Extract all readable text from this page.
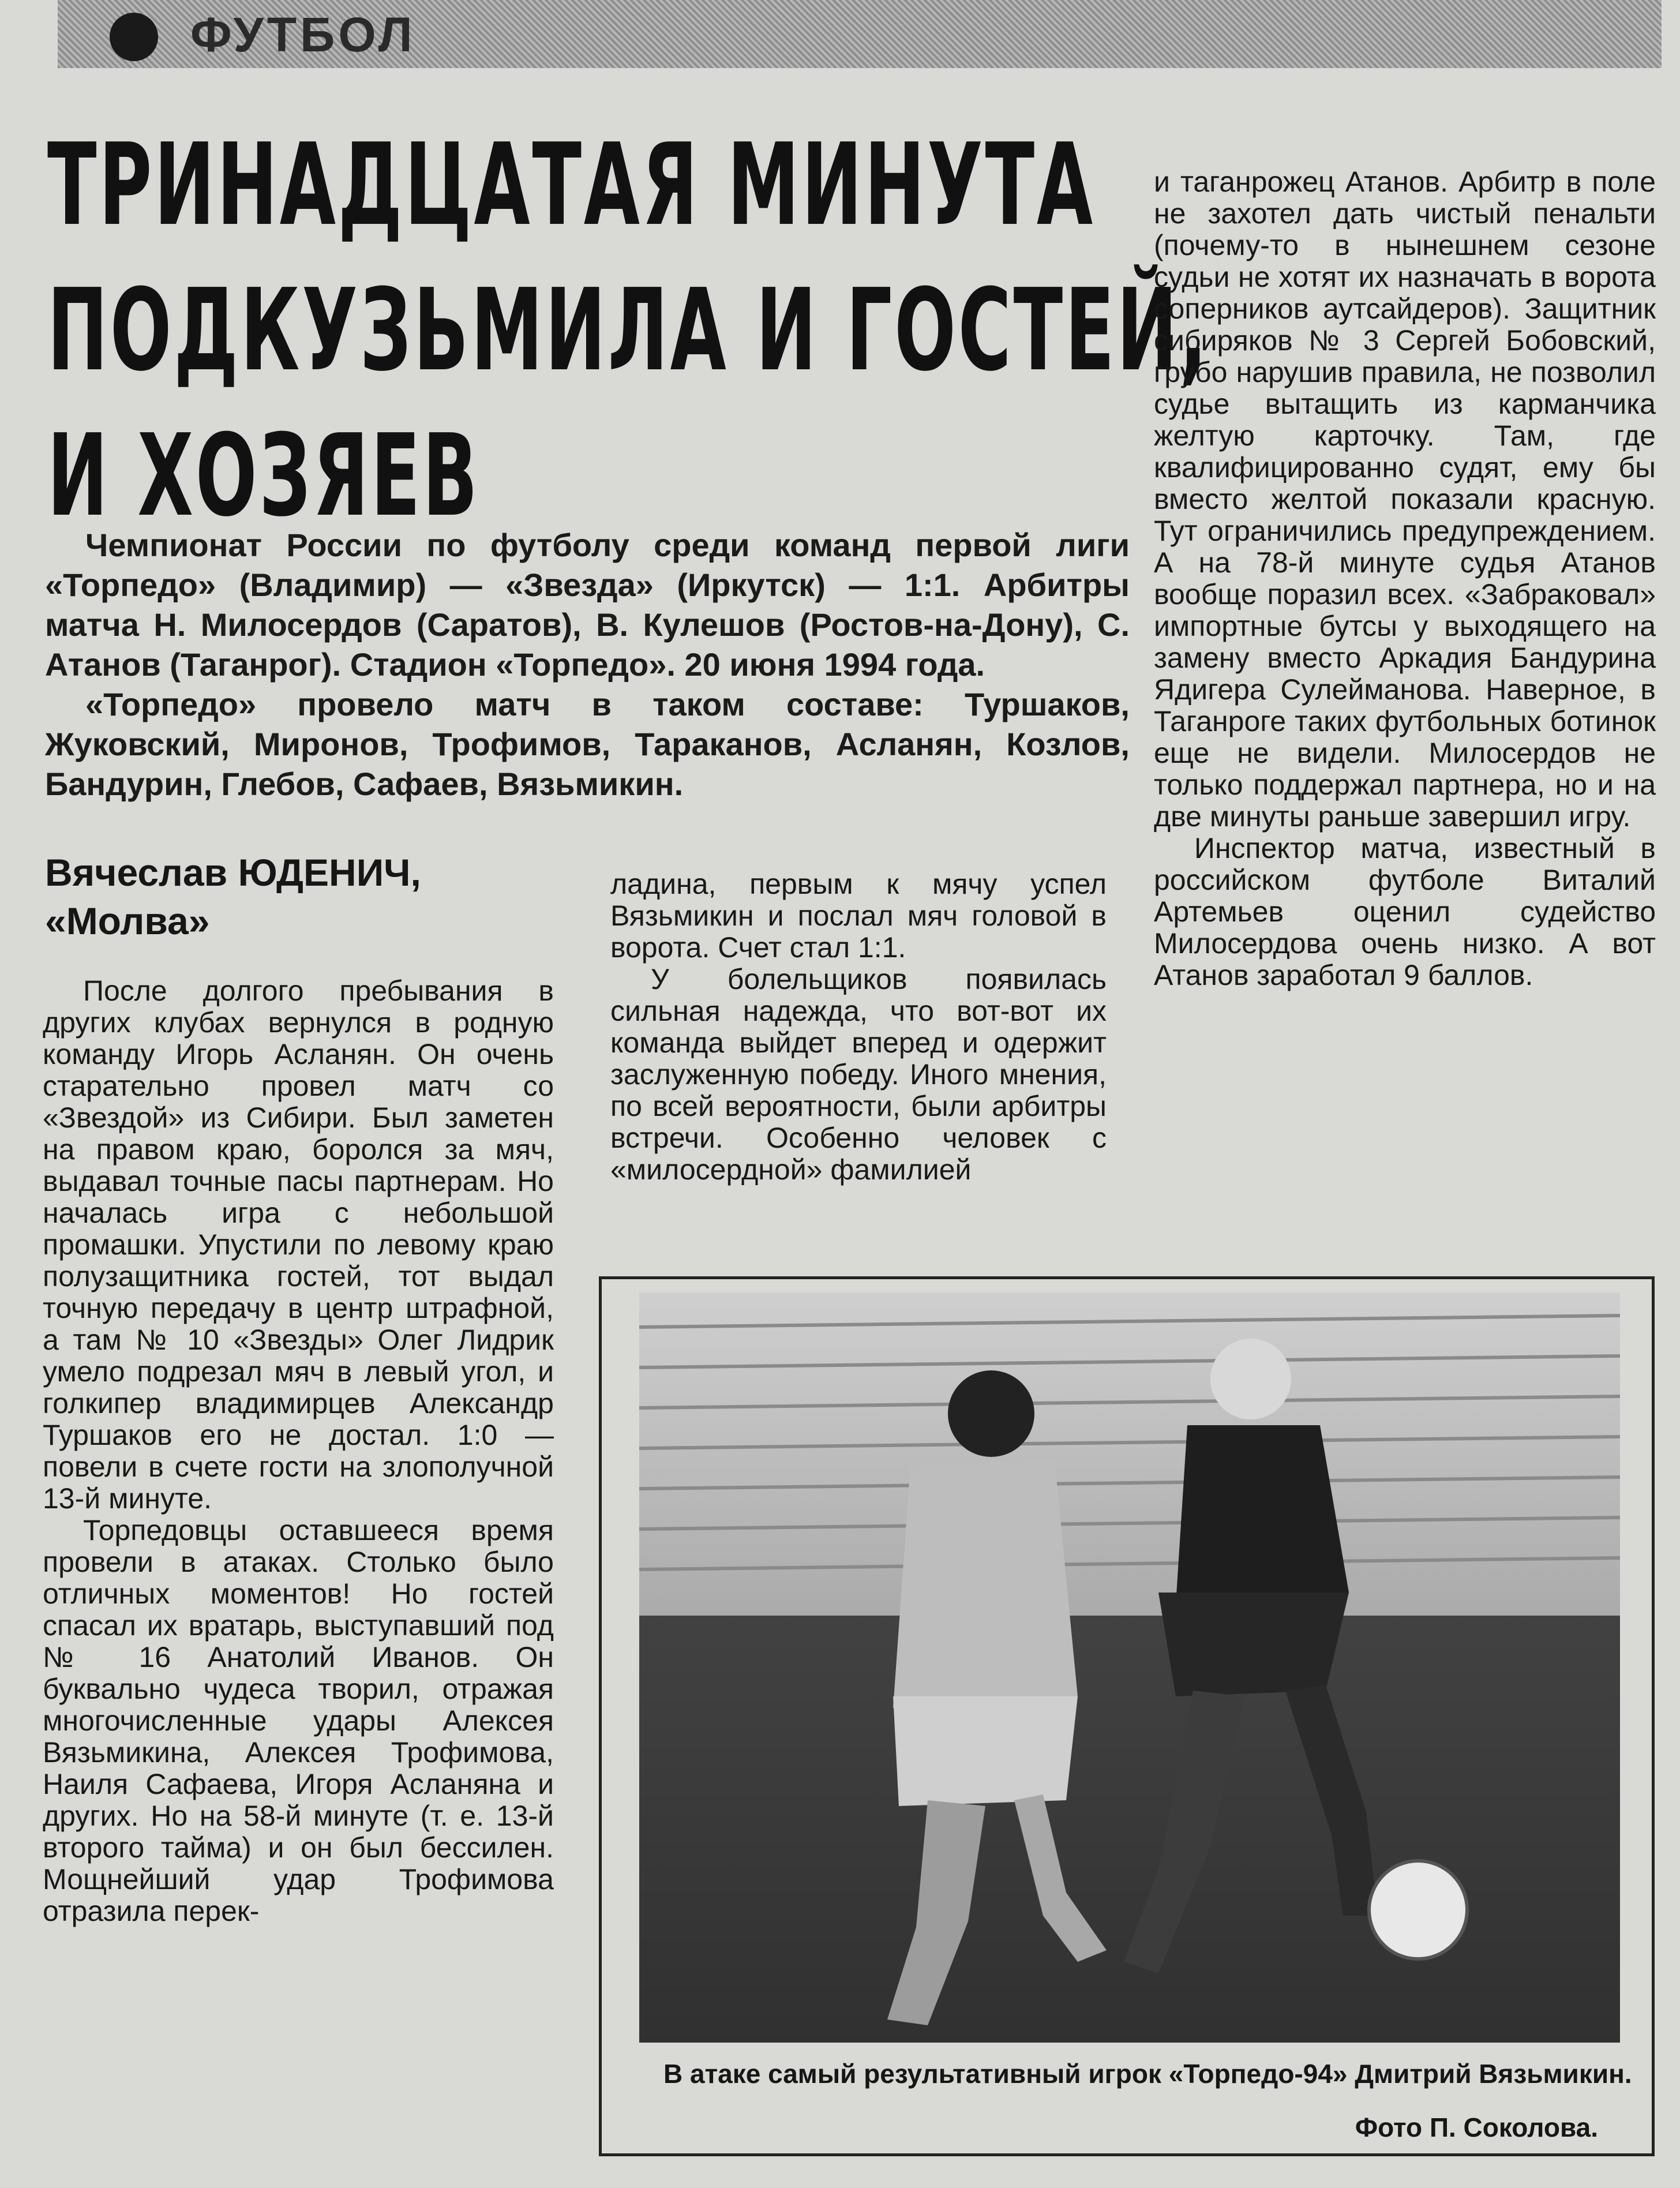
ФУТБОЛ
ТРИНАДЦАТАЯ МИНУТА
ПОДКУЗЬМИЛА И ГОСТЕЙ,
И ХОЗЯЕВ

Чемпионат России по футболу среди команд первой лиги «Торпедо» (Владимир) — «Звезда» (Иркутск) — 1:1. Арбитры матча Н. Милосердов (Саратов), В. Кулешов (Ростов-на-Дону), С. Атанов (Таганрог). Стадион «Торпедо». 20 июня 1994 года.

«Торпедо» провело матч в таком составе: Туршаков, Жуковский, Миронов, Трофимов, Тараканов, Асланян, Козлов, Бандурин, Глебов, Сафаев, Вязьмикин.

Вячеслав ЮДЕНИЧ,
«Молва»

После долгого пребывания в других клубах вернулся в родную команду Игорь Асланян. Он очень старательно провел матч со «Звездой» из Сибири. Был заметен на правом краю, боролся за мяч, выдавал точные пасы партнерам. Но началась игра с небольшой промашки. Упустили по левому краю полузащитника гостей, тот выдал точную передачу в центр штрафной, а там № 10 «Звезды» Олег Лидрик умело подрезал мяч в левый угол, и голкипер владимирцев Александр Туршаков его не достал. 1:0 — повели в счете гости на злополучной 13-й минуте.

Торпедовцы оставшееся время провели в атаках. Столько было отличных моментов! Но гостей спасал их вратарь, выступавший под № 16 Анатолий Иванов. Он буквально чудеса творил, отражая многочисленные удары Алексея Вязьмикина, Алексея Трофимова, Наиля Сафаева, Игоря Асланяна и других. Но на 58-й минуте (т. е. 13-й второго тайма) и он был бессилен. Мощнейший удар Трофимова отразила перек-

ладина, первым к мячу успел Вязьмикин и послал мяч головой в ворота. Счет стал 1:1.

У болельщиков появилась сильная надежда, что вот-вот их команда выйдет вперед и одержит заслуженную победу. Иного мнения, по всей вероятности, были арбитры встречи. Особенно человек с «милосердной» фамилией

и таганрожец Атанов. Арбитр в поле не захотел дать чистый пенальти (почему-то в нынешнем сезоне судьи не хотят их назначать в ворота соперников аутсайдеров). Защитник сибиряков № 3 Сергей Бобовский, грубо нарушив правила, не позволил судье вытащить из карманчика желтую карточку. Там, где квалифицированно судят, ему бы вместо желтой показали красную. Тут ограничились предупреждением. А на 78-й минуте судья Атанов вообще поразил всех. «Забраковал» импортные бутсы у выходящего на замену вместо Аркадия Бандурина Ядигера Сулейманова. Наверное, в Таганроге таких футбольных ботинок еще не видели. Милосердов не только поддержал партнера, но и на две минуты раньше завершил игру.

Инспектор матча, известный в российском футболе Виталий Артемьев оценил судейство Милосердова очень низко. А вот Атанов заработал 9 баллов.

В атаке самый результативный игрок «Торпедо-94» Дмитрий Вязьмикин.
Фото П. Соколова.
